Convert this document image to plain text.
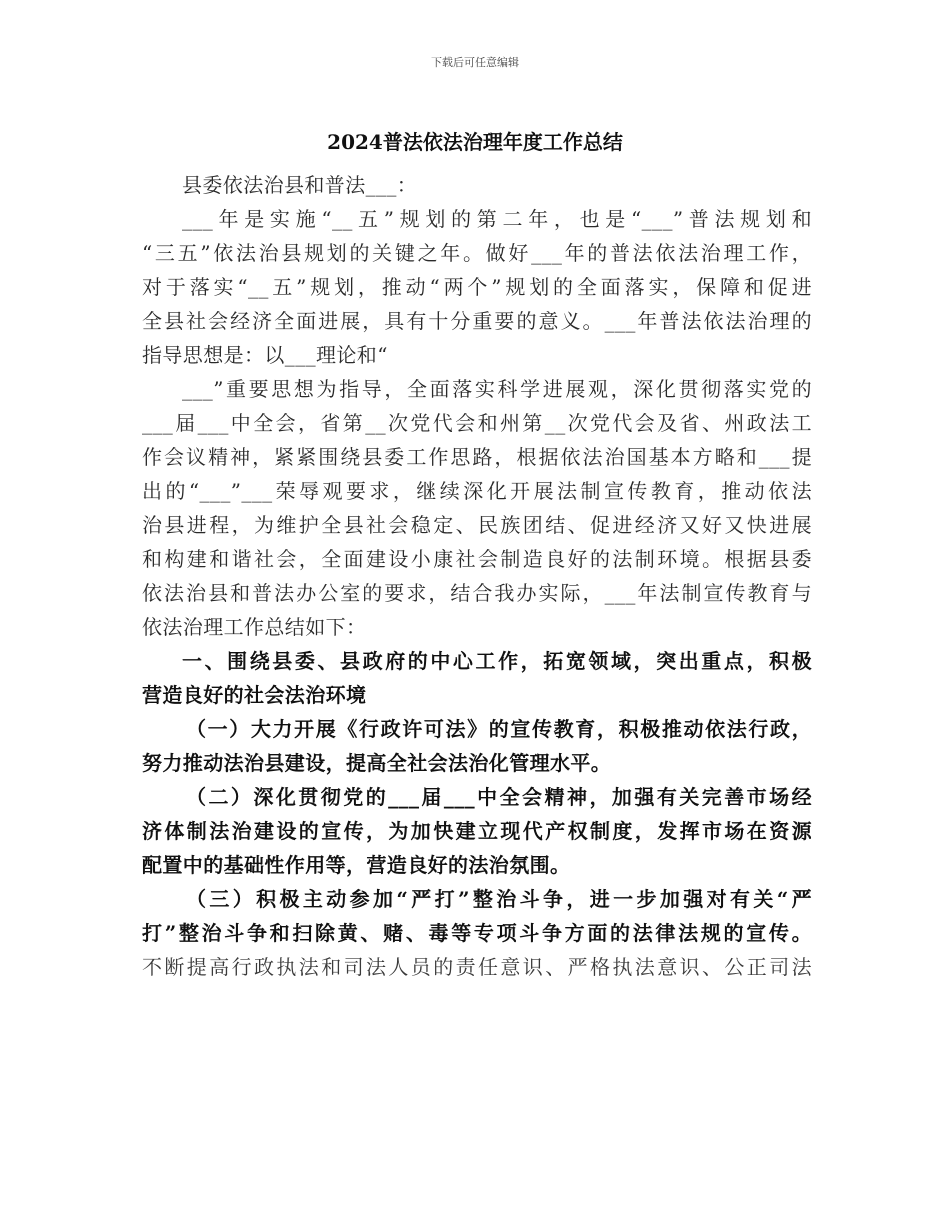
下载后可任意编辑
2024普法依法治理年度工作总结
县委依法治县和普法___：
___年是实施“__五”规划的第二年，也是“___”普法规划和
“三五”依法治县规划的关键之年。做好___年的普法依法治理工作，
对于落实“__五”规划，推动“两个”规划的全面落实，保障和促进
全县社会经济全面进展，具有十分重要的意义。___年普法依法治理的
指导思想是：以___理论和“
___”重要思想为指导，全面落实科学进展观，深化贯彻落实党的
___届___中全会，省第__次党代会和州第__次党代会及省、州政法工
作会议精神，紧紧围绕县委工作思路，根据依法治国基本方略和___提
出的“___”___荣辱观要求，继续深化开展法制宣传教育，推动依法
治县进程，为维护全县社会稳定、民族团结、促进经济又好又快进展
和构建和谐社会，全面建设小康社会制造良好的法制环境。根据县委
依法治县和普法办公室的要求，结合我办实际，___年法制宣传教育与
依法治理工作总结如下：
一、围绕县委、县政府的中心工作，拓宽领域，突出重点，积极
营造良好的社会法治环境
（一）大力开展《行政许可法》的宣传教育，积极推动依法行政，
努力推动法治县建设，提高全社会法治化管理水平。
（二）深化贯彻党的___届___中全会精神，加强有关完善市场经
济体制法治建设的宣传，为加快建立现代产权制度，发挥市场在资源
配置中的基础性作用等，营造良好的法治氛围。
（三）积极主动参加“严打”整治斗争，进一步加强对有关“严
打”整治斗争和扫除黄、赌、毒等专项斗争方面的法律法规的宣传。
不断提高行政执法和司法人员的责任意识、严格执法意识、公正司法
